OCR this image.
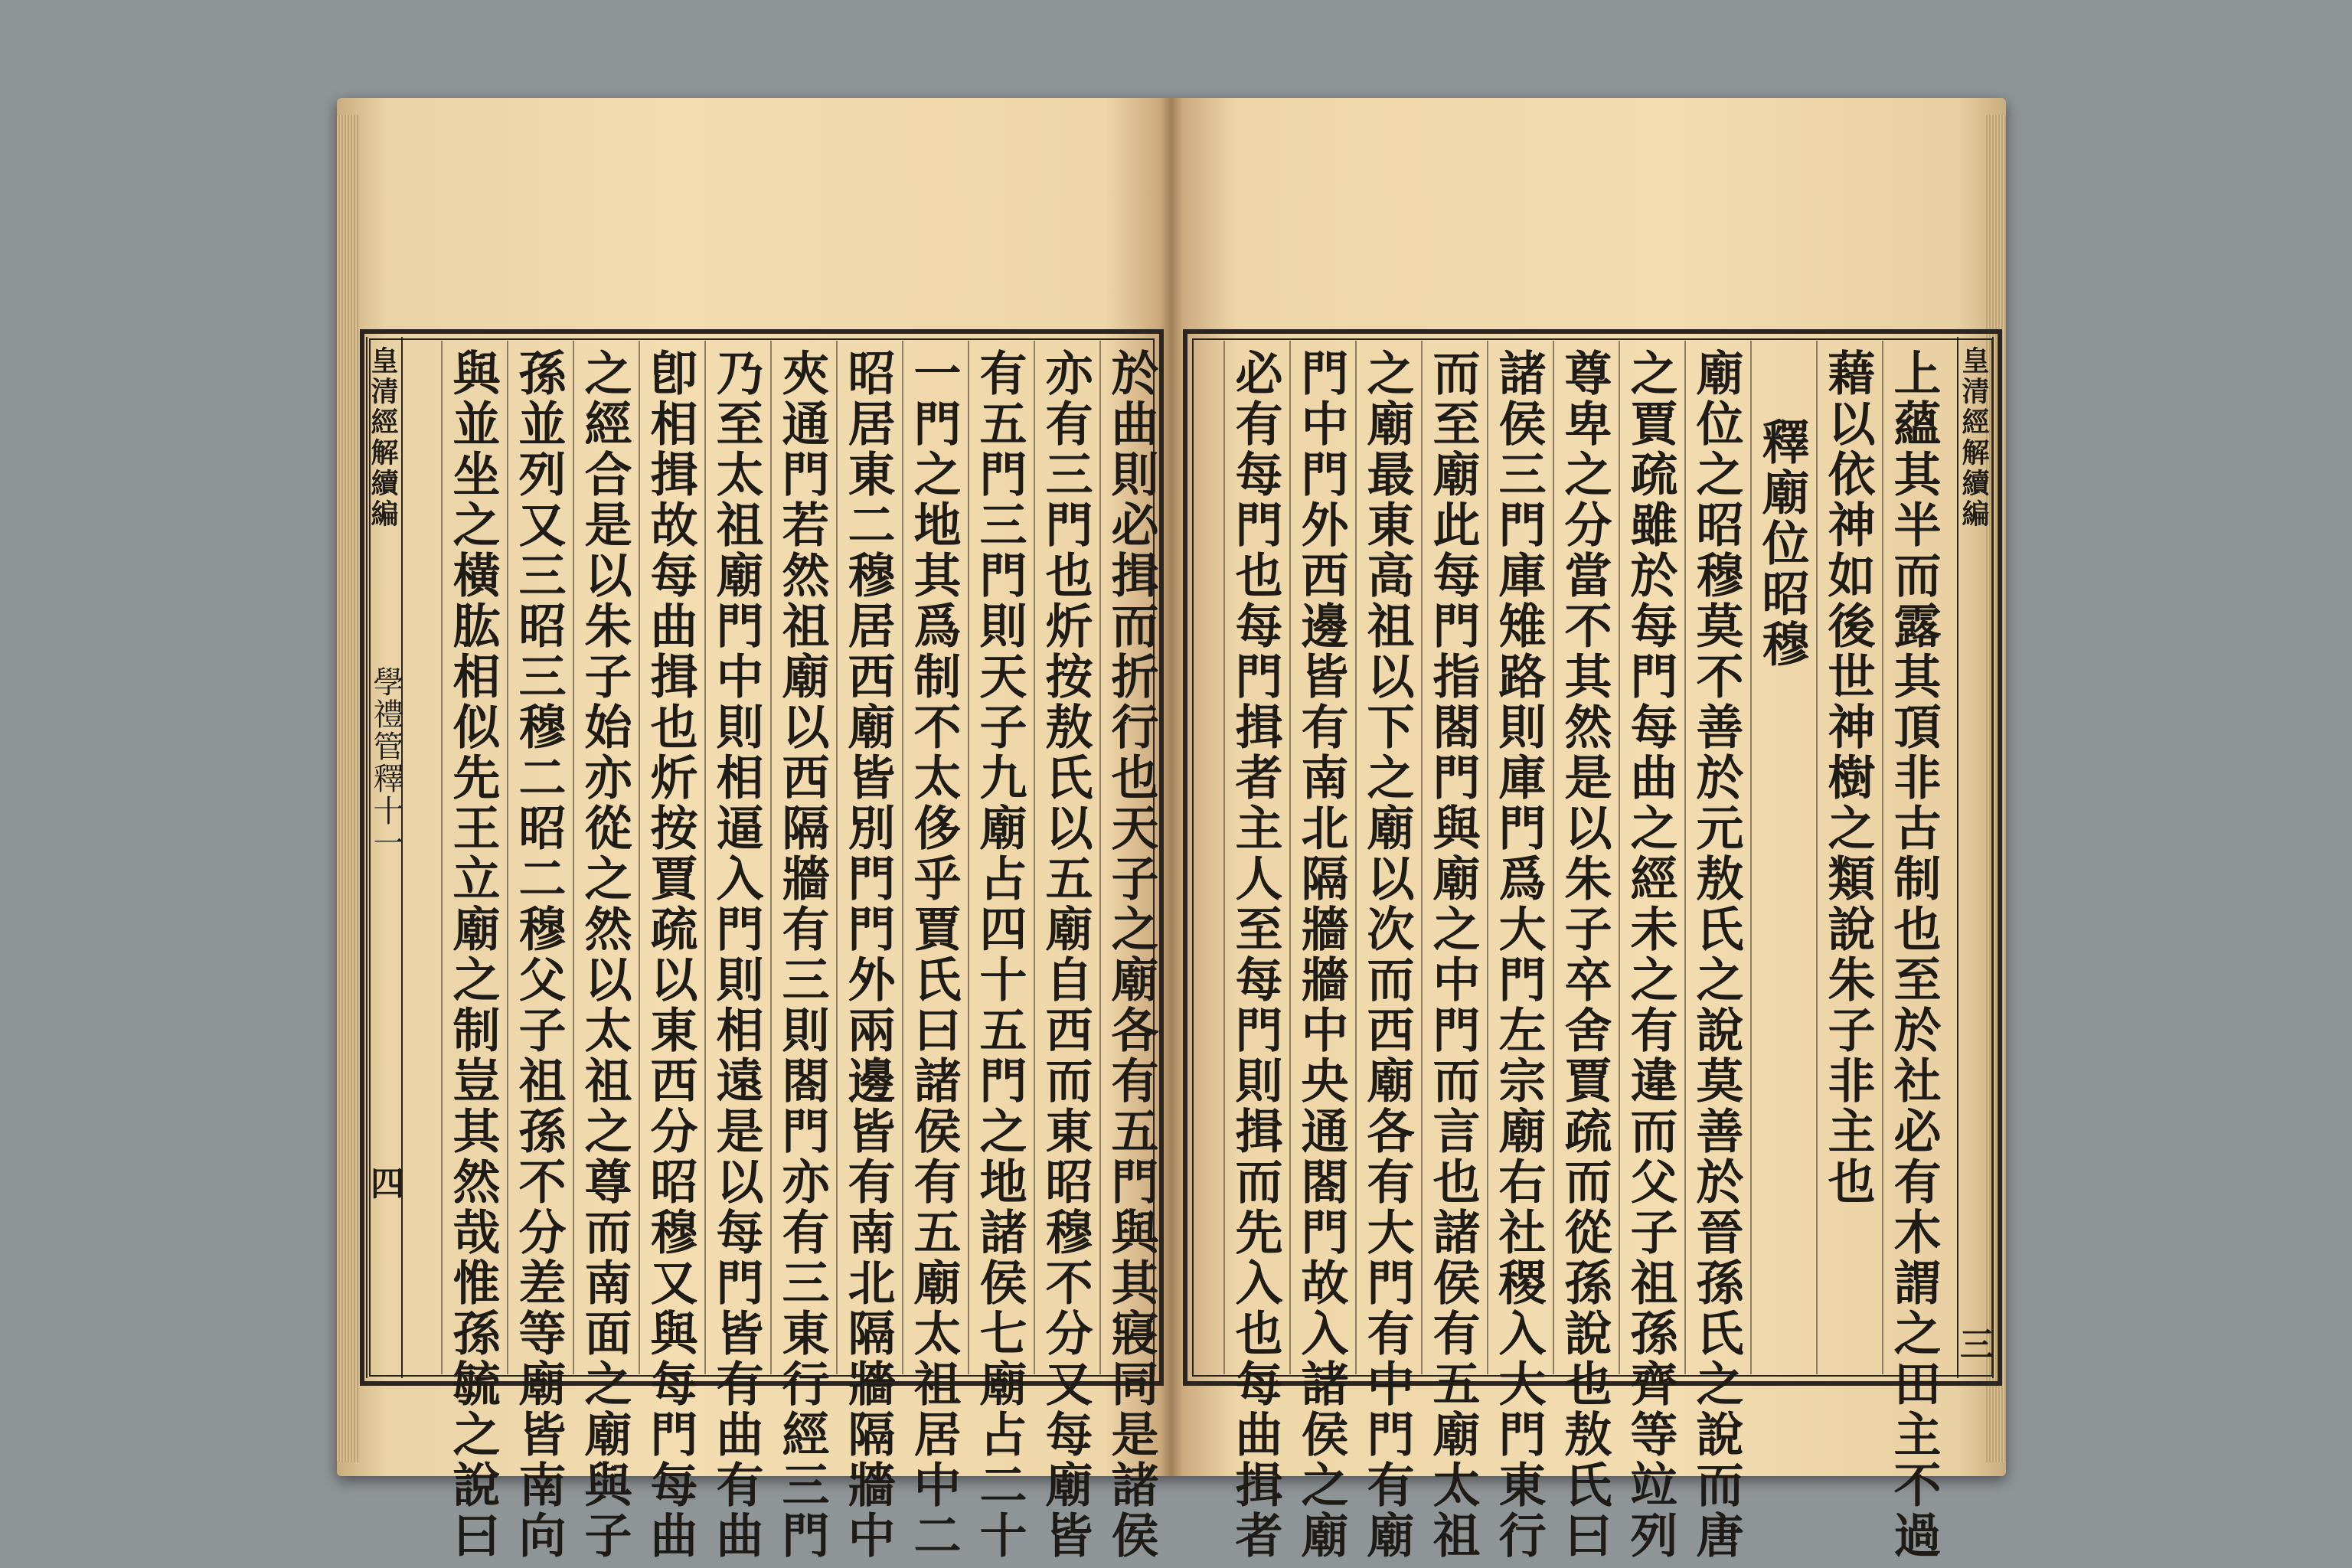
皇清經解續編
學禮管釋十一
四	於曲則必揖而折行也天子之廟各有五門與其寢同是諸侯
亦有三門也炘按敖氏以五廟自西而東昭穆不分又每廟皆
有五門三門則天子九廟占四十五門之地諸侯七廟占二十
一門之地其爲制不太侈乎賈氏曰諸侯有五廟太祖居中二
昭居東二穆居西廟皆別門門外兩邊皆有南北隔牆隔牆中
夾通門若然祖廟以西隔牆有三則閤門亦有三東行經三門
乃至太祖廟門中則相逼入門則相遠是以每門皆有曲有曲
卽相揖故每曲揖也炘按賈疏以東西分昭穆又與每門每曲
之經合是以朱子始亦從之然以太祖之尊而南面之廟與子
孫並列又三昭三穆二昭二穆父子祖孫不分差等廟皆南向
與並坐之橫肱相似先王立廟之制豈其然哉惟孫毓之說曰	皇清經解續編
三
上蘊其半而露其頂非古制也至於社必有木謂之田主不過
藉以依神如後世神樹之類說朱子非主也
釋廟位昭穆
廟位之昭穆莫不善於元敖氏之說莫善於晉孫氏之說而唐
之賈疏雖於每門每曲之經未之有違而父子祖孫齊等竝列
尊卑之分當不其然是以朱子卒舍賈疏而從孫說也敖氏曰
諸侯三門庫雉路則庫門爲大門左宗廟右社稷入大門東行
而至廟此每門指閤門與廟之中門而言也諸侯有五廟太祖
之廟最東高祖以下之廟以次而西廟各有大門有中門有廟
門中門外西邊皆有南北隔牆牆中央通閤門故入諸侯之廟
必有每門也每門揖者主人至每門則揖而先入也每曲揖者
